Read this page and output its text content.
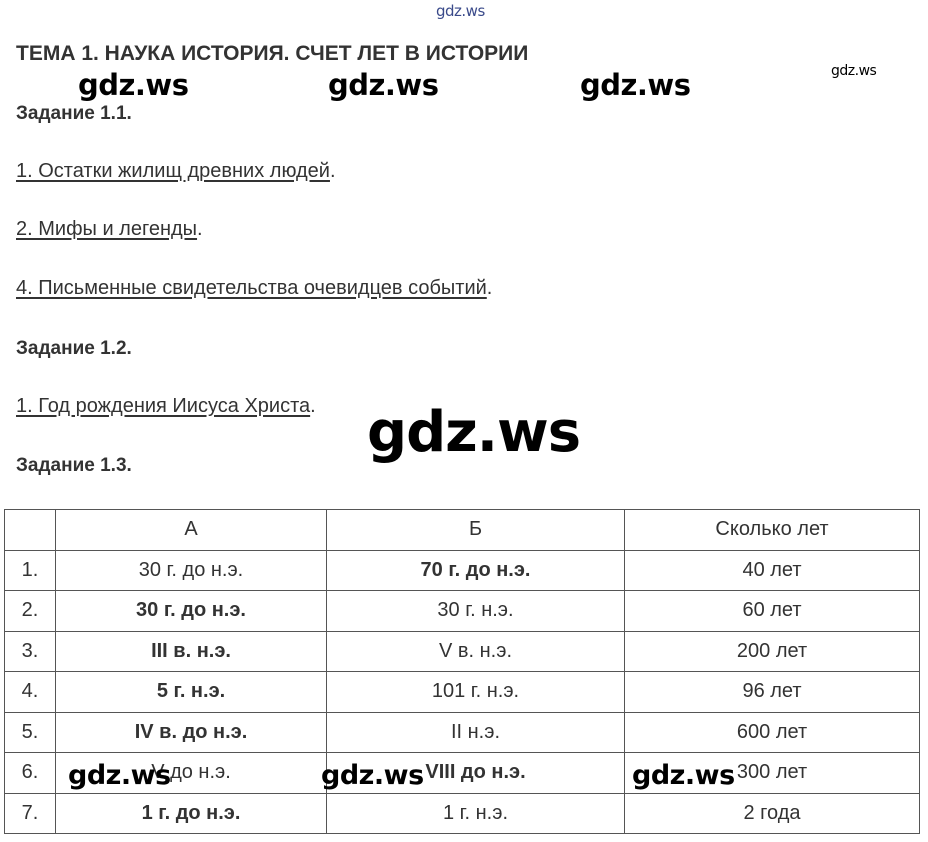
gdz.ws
gdz.ws
gdz.ws	gdz.ws	gdz.ws
gdz.ws
ТЕМА 1. НАУКА ИСТОРИЯ. СЧЕТ ЛЕТ В ИСТОРИИ
Задание 1.1.
1. Остатки жилищ древних людей.
2. Мифы и легенды.
4. Письменные свидетельства очевидцев событий.
Задание 1.2.
1. Год рождения Иисуса Христа.
Задание 1.3.
	А	Б	Сколько лет
1.	30 г. до н.э.	70 г. до н.э.	40 лет
2.	30 г. до н.э.	30 г. н.э.	60 лет
3.	III в. н.э.	V в. н.э.	200 лет
4.	5 г. н.э.	101 г. н.э.	96 лет
5.	IV в. до н.э.	II н.э.	600 лет
6.	V до н.э.	VIII до н.э.	300 лет
7.	1 г. до н.э.	1 г. н.э.	2 года
gdz.ws	gdz.ws	gdz.ws
